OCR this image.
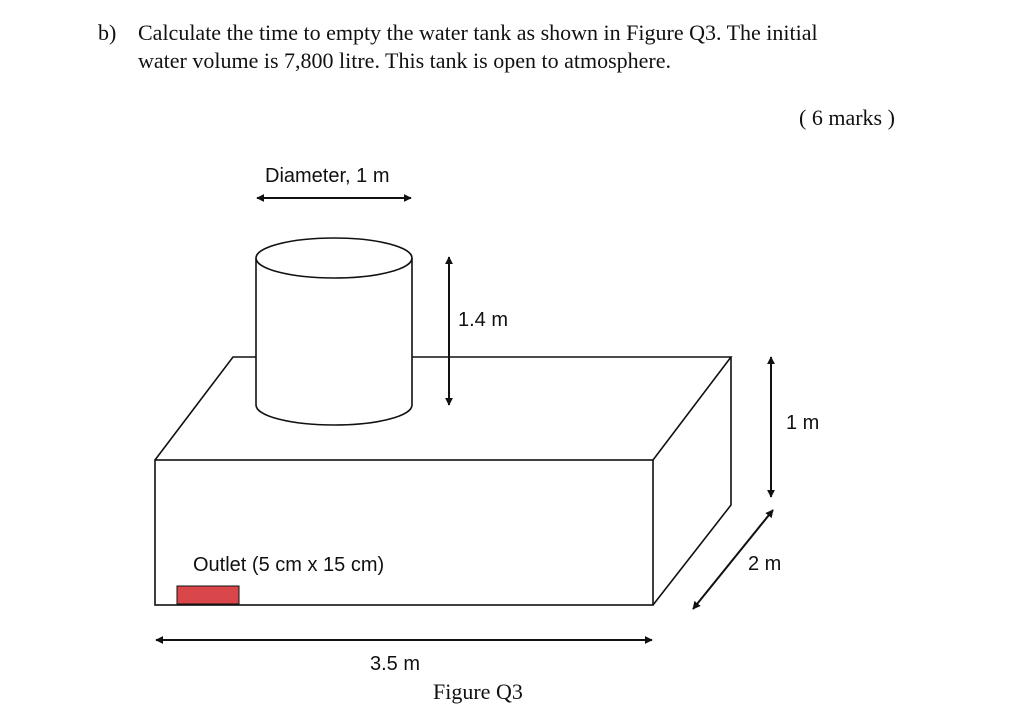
b) Calculate the time to empty the water tank as shown in Figure Q3. The initial
water volume is 7,800 litre. This tank is open to atmosphere.
( 6 marks )
Diameter, 1 m
1.4 m
1 m
2 m
Outlet (5 cm x 15 cm)
3.5 m
Figure Q3
